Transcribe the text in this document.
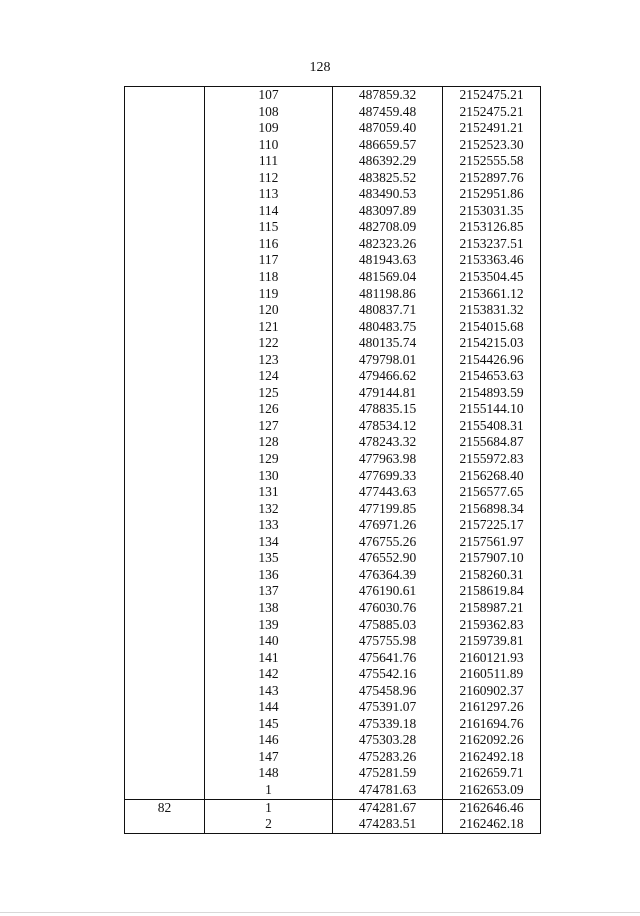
128
	107	487859.32	2152475.21
	108	487459.48	2152475.21
	109	487059.40	2152491.21
	110	486659.57	2152523.30
	111	486392.29	2152555.58
	112	483825.52	2152897.76
	113	483490.53	2152951.86
	114	483097.89	2153031.35
	115	482708.09	2153126.85
	116	482323.26	2153237.51
	117	481943.63	2153363.46
	118	481569.04	2153504.45
	119	481198.86	2153661.12
	120	480837.71	2153831.32
	121	480483.75	2154015.68
	122	480135.74	2154215.03
	123	479798.01	2154426.96
	124	479466.62	2154653.63
	125	479144.81	2154893.59
	126	478835.15	2155144.10
	127	478534.12	2155408.31
	128	478243.32	2155684.87
	129	477963.98	2155972.83
	130	477699.33	2156268.40
	131	477443.63	2156577.65
	132	477199.85	2156898.34
	133	476971.26	2157225.17
	134	476755.26	2157561.97
	135	476552.90	2157907.10
	136	476364.39	2158260.31
	137	476190.61	2158619.84
	138	476030.76	2158987.21
	139	475885.03	2159362.83
	140	475755.98	2159739.81
	141	475641.76	2160121.93
	142	475542.16	2160511.89
	143	475458.96	2160902.37
	144	475391.07	2161297.26
	145	475339.18	2161694.76
	146	475303.28	2162092.26
	147	475283.26	2162492.18
	148	475281.59	2162659.71
	1	474781.63	2162653.09
82	1	474281.67	2162646.46
	2	474283.51	2162462.18
